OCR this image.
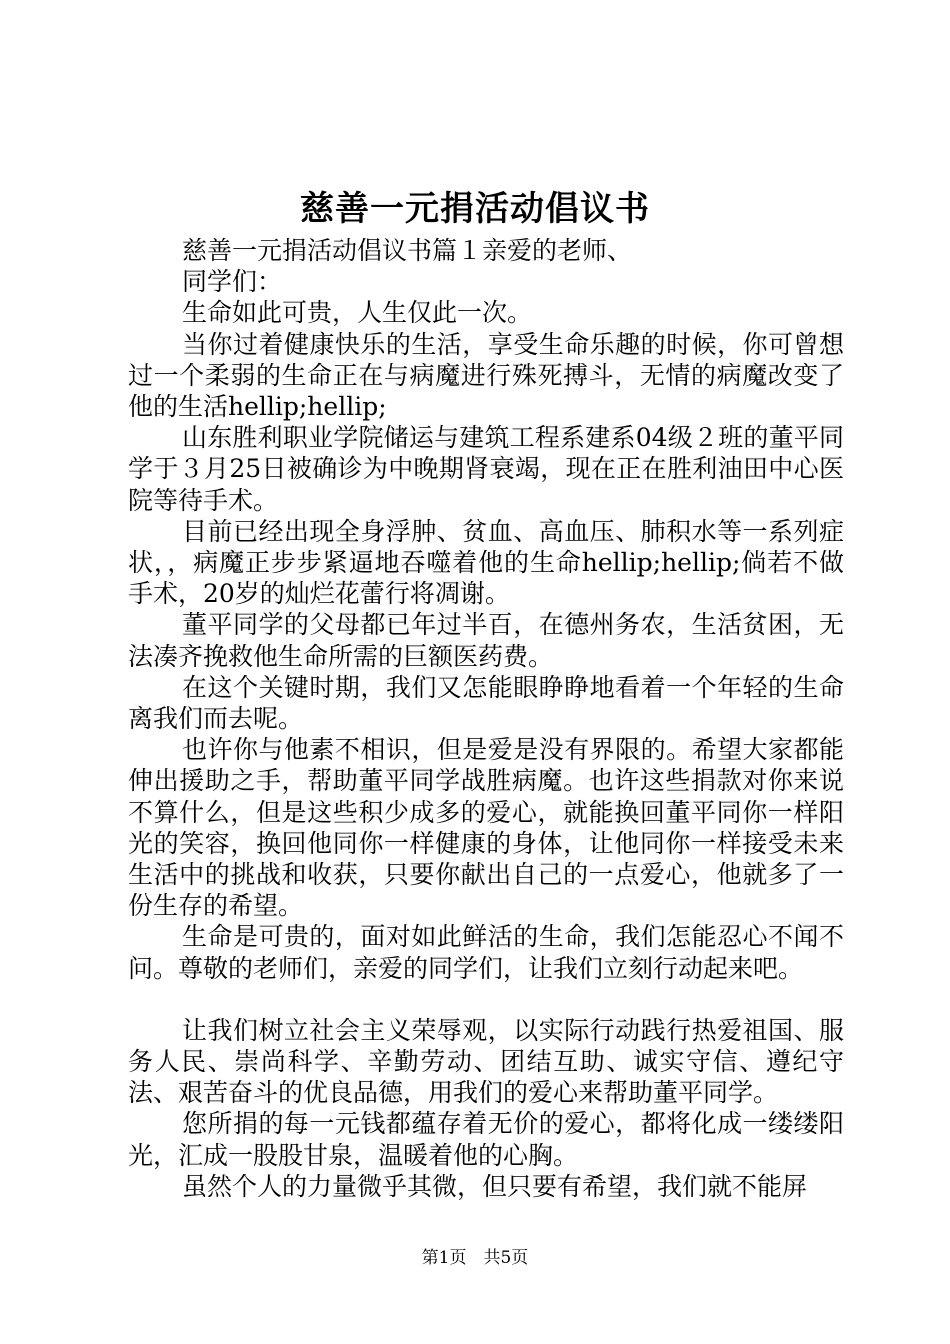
慈善一元捐活动倡议书

慈善一元捐活动倡议书篇１亲爱的老师、

同学们：

生命如此可贵，人生仅此一次。

当你过着健康快乐的生活，享受生命乐趣的时候，你可曾想过一个柔弱的生命正在与病魔进行殊死搏斗，无情的病魔改变了他的生活hellip;hellip;

山东胜利职业学院储运与建筑工程系建系04级２班的董平同学于３月25日被确诊为中晚期肾衰竭，现在正在胜利油田中心医院等待手术。

目前已经出现全身浮肿、贫血、高血压、肺积水等一系列症状，，病魔正步步紧逼地吞噬着他的生命hellip;hellip;倘若不做手术，20岁的灿烂花蕾行将凋谢。

董平同学的父母都已年过半百，在德州务农，生活贫困，无法凑齐挽救他生命所需的巨额医药费。

在这个关键时期，我们又怎能眼睁睁地看着一个年轻的生命离我们而去呢。

也许你与他素不相识，但是爱是没有界限的。希望大家都能伸出援助之手，帮助董平同学战胜病魔。也许这些捐款对你来说不算什么，但是这些积少成多的爱心，就能换回董平同你一样阳光的笑容，换回他同你一样健康的身体，让他同你一样接受未来生活中的挑战和收获，只要你献出自己的一点爱心，他就多了一份生存的希望。

生命是可贵的，面对如此鲜活的生命，我们怎能忍心不闻不问。尊敬的老师们，亲爱的同学们，让我们立刻行动起来吧。

让我们树立社会主义荣辱观，以实际行动践行热爱祖国、服务人民、崇尚科学、辛勤劳动、团结互助、诚实守信、遵纪守法、艰苦奋斗的优良品德，用我们的爱心来帮助董平同学。

您所捐的每一元钱都蕴存着无价的爱心，都将化成一缕缕阳光，汇成一股股甘泉，温暖着他的心胸。

虽然个人的力量微乎其微，但只要有希望，我们就不能屏

第1页　共5页
